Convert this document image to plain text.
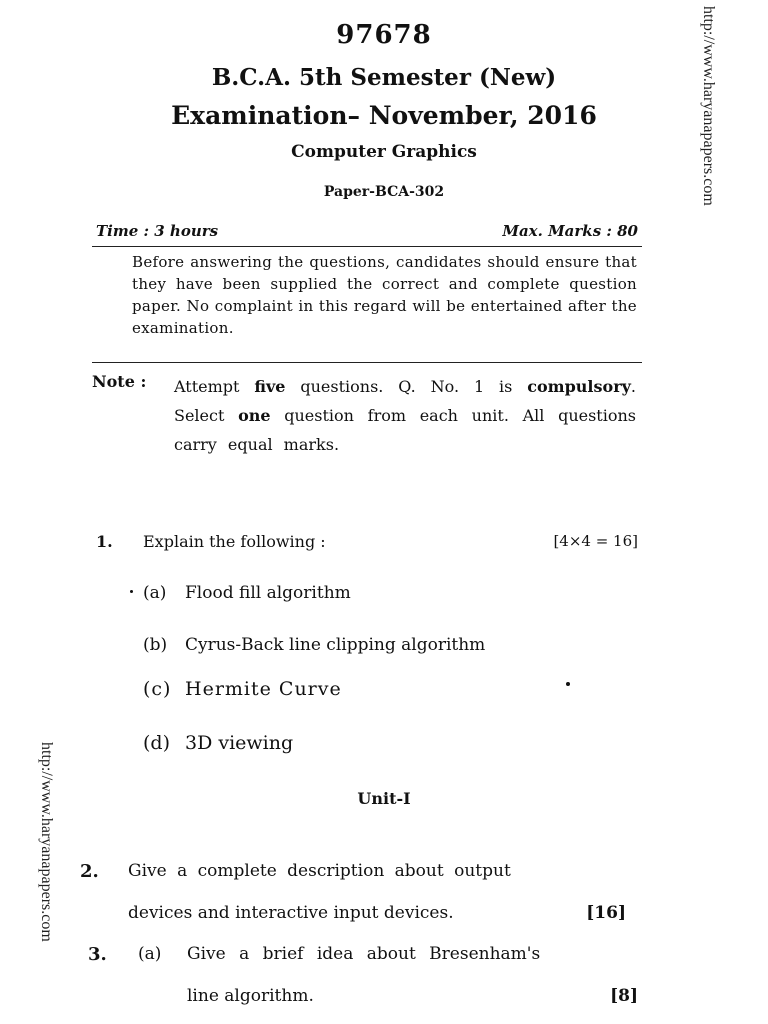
97678
B.C.A. 5th Semester (New)
Examination– November, 2016
Computer Graphics
Paper-BCA-302
Time : 3 hours	Max. Marks : 80
Before answering the questions, candidates should ensure that they have been supplied the correct and complete question paper. No complaint in this regard will be entertained after the examination.
Note : Attempt five questions. Q. No. 1 is compulsory. Select one question from each unit. All questions carry equal marks.
1. Explain the following :	[4×4 = 16]
(a) Flood fill algorithm
(b) Cyrus-Back line clipping algorithm
(c) Hermite Curve
(d) 3D viewing
Unit-I
2. Give a complete description about output
devices and interactive input devices.	[16]
3. (a) Give a brief idea about Bresenham's
line algorithm.	[8]
http://www.haryanapapers.com
http://www.haryanapapers.com
